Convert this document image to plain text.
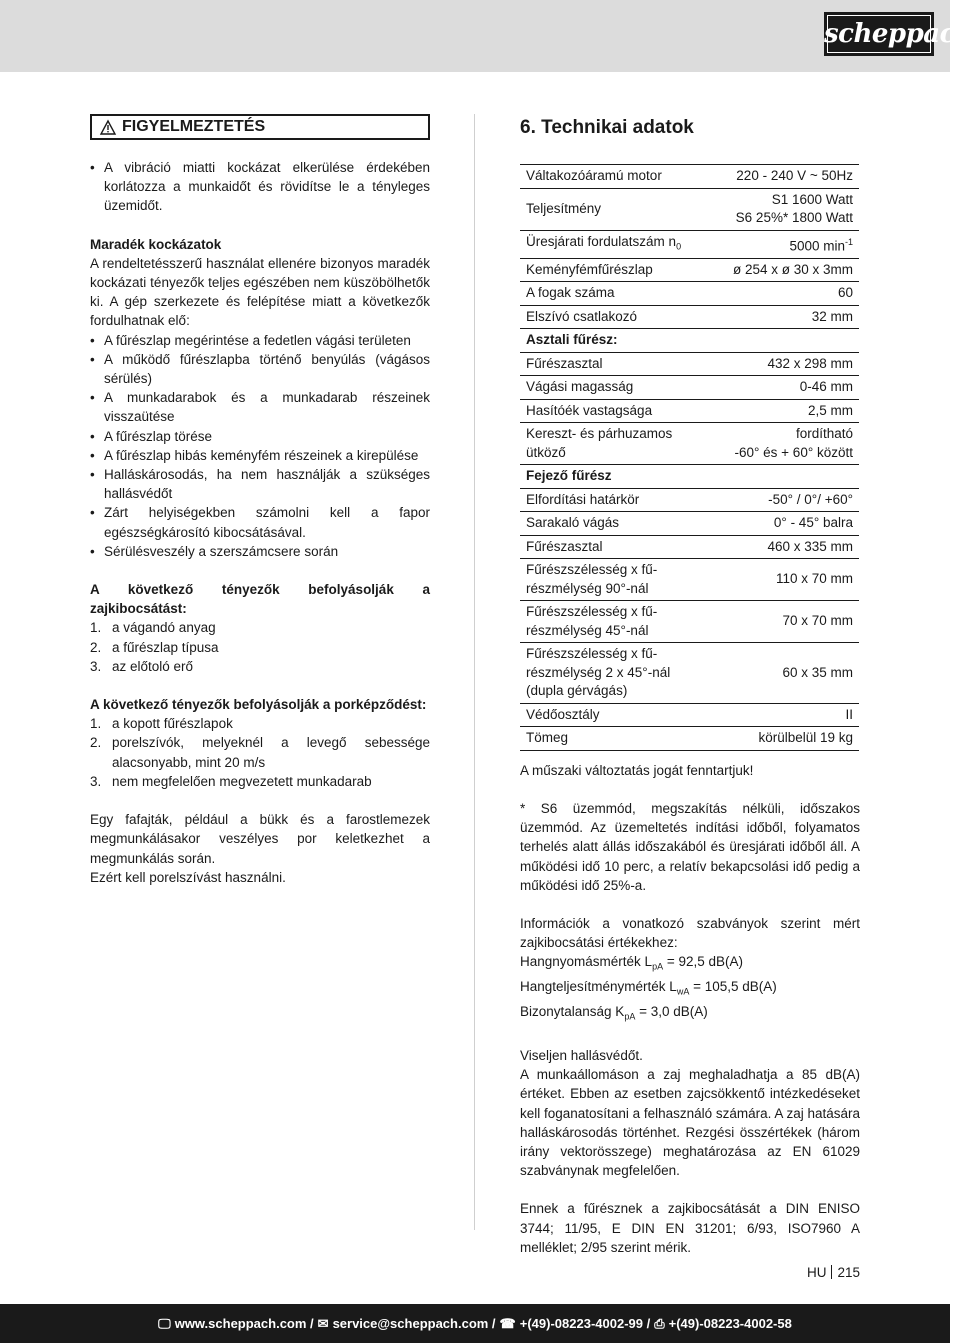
scheppach
FIGYELMEZTETÉS
• A vibráció miatti kockázat elkerülése érdekében korlátozza a munkaidőt és rövidítse le a tényleges üzemidőt.
Maradék kockázatok
A rendeltetésszerű használat ellenére bizonyos maradék kockázati tényezők teljes egészében nem küszöbölhetők ki. A gép szerkezete és felépítése miatt a következők fordulhatnak elő:
• A fűrészlap megérintése a fedetlen vágási területen
• A működő fűrészlapba történő benyúlás (vágásos sérülés)
• A munkadarabok és a munkadarab részeinek visszaütése
• A fűrészlap törése
• A fűrészlap hibás keményfém részeinek a kirepülése
• Halláskárosodás, ha nem használják a szükséges hallásvédőt
• Zárt helyiségekben számolni kell a fapor egészségkárosító kibocsátásával.
• Sérülésveszély a szerszámcsere során
A következő tényezők befolyásolják a zajkibocsátást:
1. a vágandó anyag
2. a fűrészlap típusa
3. az előtoló erő
A következő tényezők befolyásolják a porképződést:
1. a kopott fűrészlapok
2. porelszívók, melyeknél a levegő sebessége alacsonyabb, mint 20 m/s
3. nem megfelelően megvezetett munkadarab
Egy fafajták, például a bükk és a farostlemezek megmunkálásakor veszélyes por keletkezhet a megmunkálás során.
Ezért kell porelszívást használni.
6. Technikai adatok
Váltakozóáramú motor	220 - 240 V ~ 50Hz
Teljesítmény	S1 1600 Watt
S6 25%* 1800 Watt
Üresjárati fordulatszám $n_0$	5000 $\min^{-1}$
Keményfémfűrészlap	ø 254 x ø 30 x 3mm
A fogak száma	60
Elszívó csatlakozó	32 mm
Asztali fűrész:	
Fűrészasztal	432 x 298 mm
Vágási magasság	0-46 mm
Hasítóék vastagsága	2,5 mm
Kereszt- és párhuzamos
ütköző	fordítható
-60° és + 60° között
Fejező fűrész	
Elfordítási határkör	-50° / 0°/ +60°
Sarakaló vágás	0° - 45° balra
Fűrészasztal	460 x 335 mm
Fűrészszélesség x fű-
részmélység 90°-nál	110 x 70 mm
Fűrészszélesség x fű-
részmélység 45°-nál	70 x 70 mm
Fűrészszélesség x fű-
részmélység 2 x 45°-nál
(dupla gérvágás)	60 x 35 mm
Védőosztály	II
Tömeg	körülbelül 19 kg
A műszaki változtatás jogát fenntartjuk!
* S6 üzemmód, megszakítás nélküli, időszakos üzemmód. Az üzemeltetés indítási időből, folyamatos terhelés alatt állás időszakából és üresjárati időből áll. A működési idő 10 perc, a relatív bekapcsolási idő pedig a működési idő 25%-a.
Információk a vonatkozó szabványok szerint mért zajkibocsátási értékekhez:
Hangnyomásmérték $L_{pA} = 92,5$ dB(A)
Hangteljesítménymérték $L_{wA} = 105,5$ dB(A)
Bizonytalanság $K_{pA} = 3,0$ dB(A)
Viseljen hallásvédőt.
A munkaállomáson a zaj meghaladhatja a 85 dB(A) értéket. Ebben az esetben zajcsökkentő intézkedéseket kell foganatosítani a felhasználó számára. A zaj hatására halláskárosodás történhet. Rezgési összértékek (három irány vektorösszege) meghatározása az EN 61029 szabványnak megfelelően.
Ennek a fűrésznek a zajkibocsátását a DIN ENISO 3744; 11/95, E DIN EN 31201; 6/93, ISO7960 A melléklet; 2/95 szerint mérik.
HU 215
🖵 www.scheppach.com / ✉ service@scheppach.com / ☎ +(49)-08223-4002-99 / ⎙ +(49)-08223-4002-58
